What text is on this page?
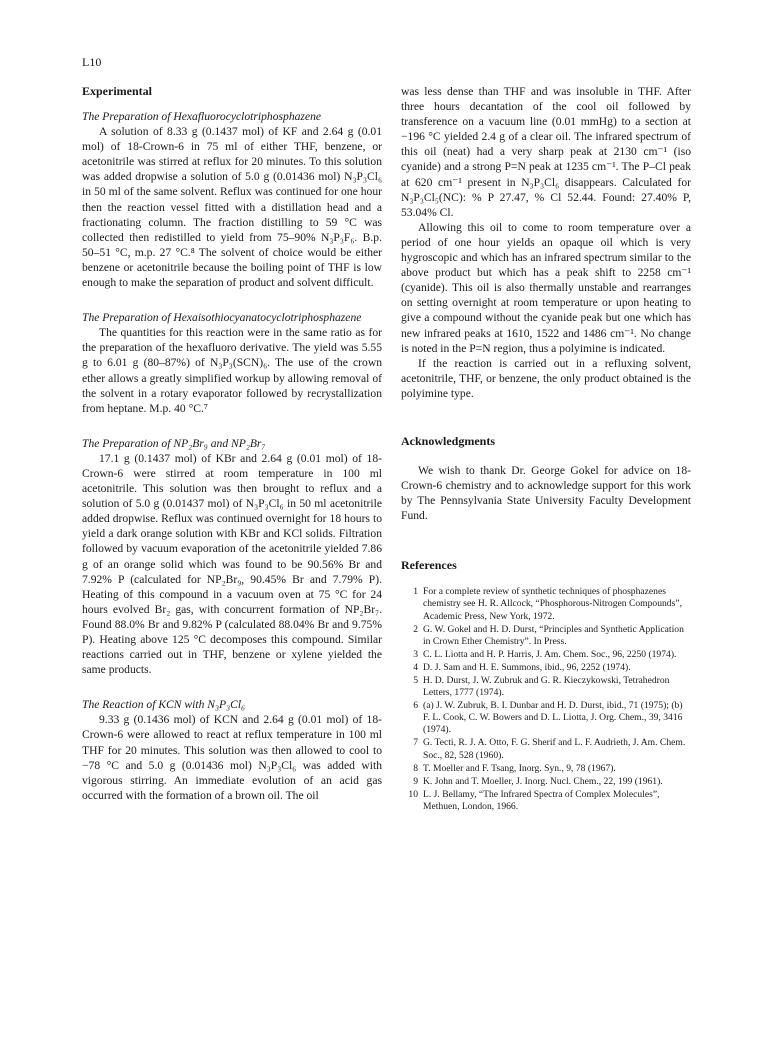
L10
Experimental
The Preparation of Hexafluorocyclotriphosphazene

A solution of 8.33 g (0.1437 mol) of KF and 2.64 g (0.01 mol) of 18-Crown-6 in 75 ml of either THF, benzene, or acetonitrile was stirred at reflux for 20 minutes. To this solution was added dropwise a solution of 5.0 g (0.01436 mol) N₃P₃Cl₆ in 50 ml of the same solvent. Reflux was continued for one hour then the reaction vessel fitted with a distillation head and a fractionating column. The fraction distilling to 59 °C was collected then redistilled to yield from 75–90% N₃P₃F₆. B.p. 50–51 °C, m.p. 27 °C.⁸ The solvent of choice would be either benzene or acetonitrile because the boiling point of THF is low enough to make the separation of product and solvent difficult.

The Preparation of Hexaisothiocyanatocyclotriphosphazene

The quantities for this reaction were in the same ratio as for the preparation of the hexafluoro derivative. The yield was 5.55 g to 6.01 g (80–87%) of N₃P₃(SCN)₆. The use of the crown ether allows a greatly simplified workup by allowing removal of the solvent in a rotary evaporator followed by recrystallization from heptane. M.p. 40 °C.⁷

The Preparation of NP₂Br₉ and NP₂Br₇

17.1 g (0.1437 mol) of KBr and 2.64 g (0.01 mol) of 18-Crown-6 were stirred at room temperature in 100 ml acetonitrile. This solution was then brought to reflux and a solution of 5.0 g (0.01437 mol) of N₃P₃Cl₆ in 50 ml acetonitrile added dropwise. Reflux was continued overnight for 18 hours to yield a dark orange solution with KBr and KCl solids. Filtration followed by vacuum evaporation of the acetonitrile yielded 7.86 g of an orange solid which was found to be 90.56% Br and 7.92% P (calculated for NP₂Br₉, 90.45% Br and 7.79% P). Heating of this compound in a vacuum oven at 75 °C for 24 hours evolved Br₂ gas, with concurrent formation of NP₂Br₇. Found 88.0% Br and 9.82% P (calculated 88.04% Br and 9.75% P). Heating above 125 °C decomposes this compound. Similar reactions carried out in THF, benzene or xylene yielded the same products.

The Reaction of KCN with N₃P₃Cl₆

9.33 g (0.1436 mol) of KCN and 2.64 g (0.01 mol) of 18-Crown-6 were allowed to react at reflux temperature in 100 ml THF for 20 minutes. This solution was then allowed to cool to −78 °C and 5.0 g (0.01436 mol) N₃P₃Cl₆ was added with vigorous stirring. An immediate evolution of an acid gas occurred with the formation of a brown oil. The oil

was less dense than THF and was insoluble in THF. After three hours decantation of the cool oil followed by transference on a vacuum line (0.01 mmHg) to a section at −196 °C yielded 2.4 g of a clear oil. The infrared spectrum of this oil (neat) had a very sharp peak at 2130 cm⁻¹ (iso cyanide) and a strong P=N peak at 1235 cm⁻¹. The P–Cl peak at 620 cm⁻¹ present in N₃P₃Cl₆ disappears. Calculated for N₃P₃Cl₅(NC): % P 27.47, % Cl 52.44. Found: 27.40% P, 53.04% Cl.

Allowing this oil to come to room temperature over a period of one hour yields an opaque oil which is very hygroscopic and which has an infrared spectrum similar to the above product but which has a peak shift to 2258 cm⁻¹ (cyanide). This oil is also thermally unstable and rearranges on setting overnight at room temperature or upon heating to give a compound without the cyanide peak but one which has new infrared peaks at 1610, 1522 and 1486 cm⁻¹. No change is noted in the P=N region, thus a polyimine is indicated.

If the reaction is carried out in a refluxing solvent, acetonitrile, THF, or benzene, the only product obtained is the polyimine type.

Acknowledgments

We wish to thank Dr. George Gokel for advice on 18-Crown-6 chemistry and to acknowledge support for this work by The Pennsylvania State University Faculty Development Fund.

References
1 For a complete review of synthetic techniques of phosphazenes chemistry see H. R. Allcock, “Phosphorous-Nitrogen Compounds”, Academic Press, New York, 1972.
2 G. W. Gokel and H. D. Durst, “Principles and Synthetic Application in Crown Ether Chemistry”. In Press.
3 C. L. Liotta and H. P. Harris, J. Am. Chem. Soc., 96, 2250 (1974).
4 D. J. Sam and H. E. Summons, ibid., 96, 2252 (1974).
5 H. D. Durst, J. W. Zubruk and G. R. Kieczykowski, Tetrahedron Letters, 1777 (1974).
6 (a) J. W. Zubruk, B. I. Dunbar and H. D. Durst, ibid., 71 (1975); (b) F. L. Cook, C. W. Bowers and D. L. Liotta, J. Org. Chem., 39, 3416 (1974).
7 G. Tecti, R. J. A. Otto, F. G. Sherif and L. F. Audrieth, J. Am. Chem. Soc., 82, 528 (1960).
8 T. Moeller and F. Tsang, Inorg. Syn., 9, 78 (1967).
9 K. John and T. Moeller, J. Inorg. Nucl. Chem., 22, 199 (1961).
10 L. J. Bellamy, “The Infrared Spectra of Complex Molecules”, Methuen, London, 1966.
